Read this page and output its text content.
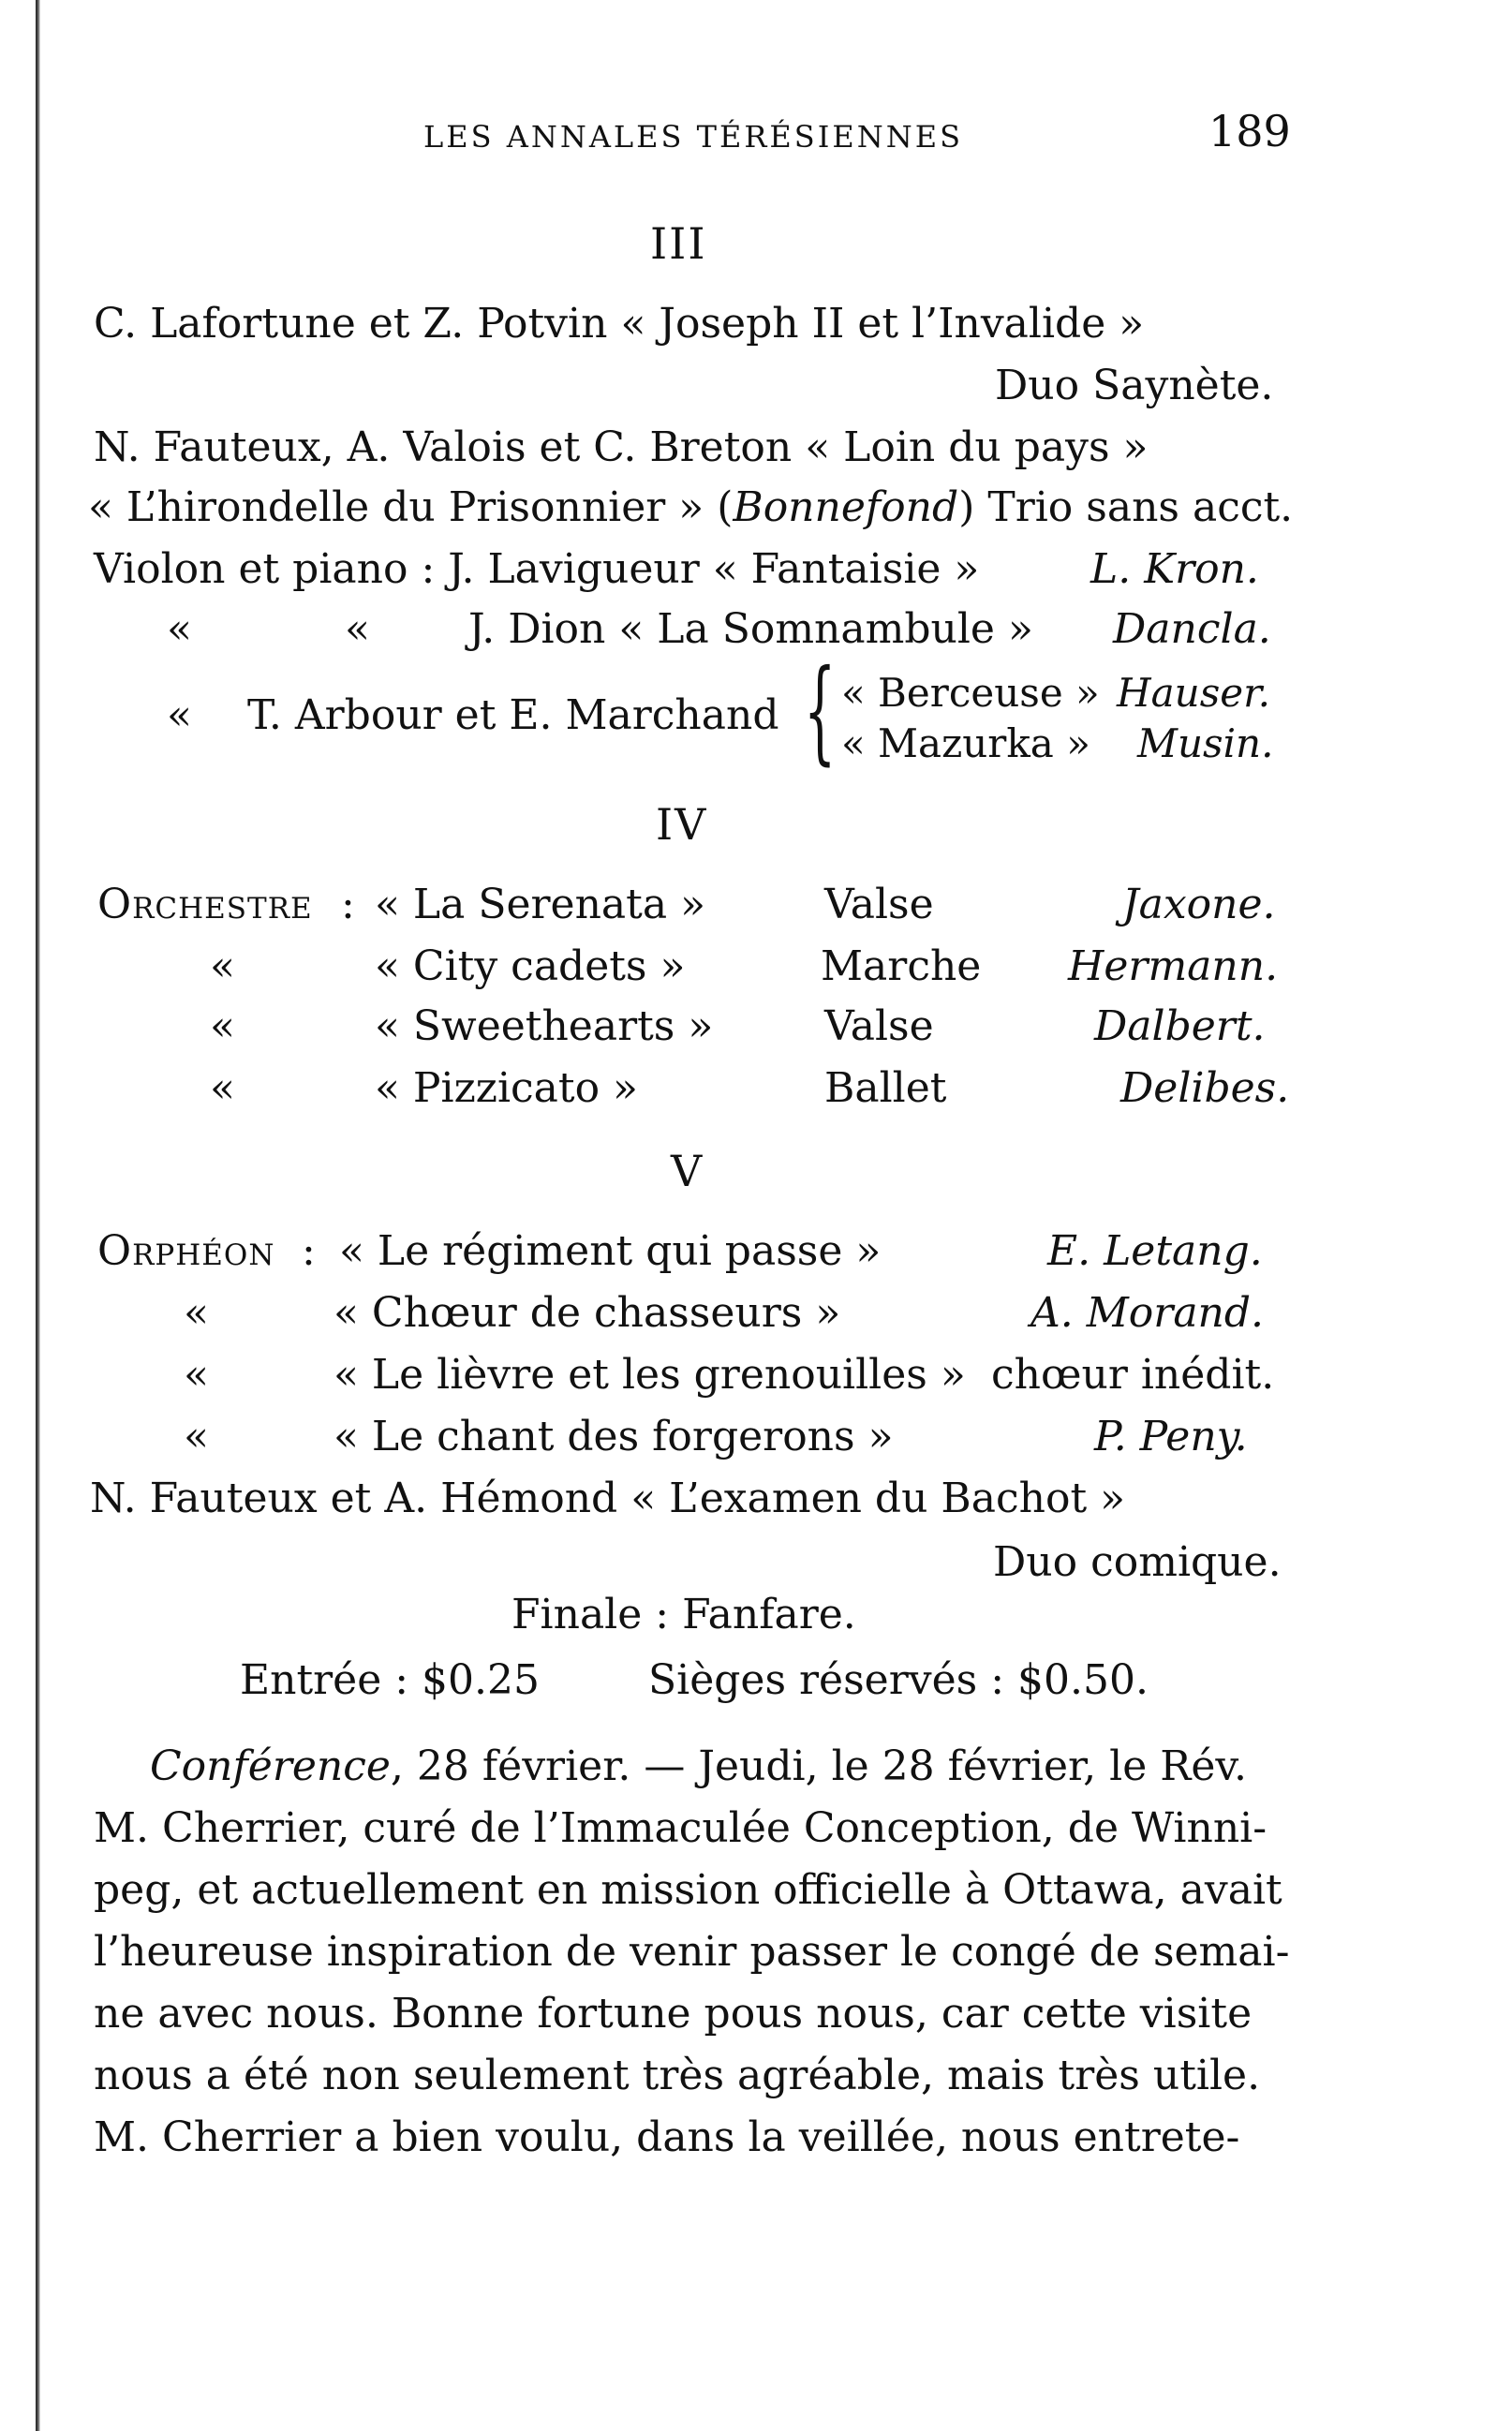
LES ANNALES TÉRÉSIENNES	189
III
C. Lafortune et Z. Potvin « Joseph II et l’Invalide »
Duo Saynète.
N. Fauteux, A. Valois et C. Breton « Loin du pays »
« L’hirondelle du Prisonnier » (Bonnefond) Trio sans acct.
Violon et piano : J. Lavigueur « Fantaisie »	L. Kron.
«	« J. Dion « La Somnambule » Dancla.
« T. Arbour et E. Marchand { « Berceuse » Hauser.
« Mazurka » Musin.
IV
Orchestre : « La Serenata »	Valse	Jaxone.
«	« City cadets »	Marche Hermann.
«	« Sweethearts »	Valse	Dalbert.
«	« Pizzicato »	Ballet	Delibes.
V
Orphéon : « Le régiment qui passe »	E. Letang.
«	« Chœur de chasseurs »	A. Morand.
«	« Le lièvre et les grenouilles » chœur inédit.
«	« Le chant des forgerons »	P. Peny.
N. Fauteux et A. Hémond « L’examen du Bachot »
Duo comique.
Finale : Fanfare.
Entrée : $0.25	Sièges réservés : $0.50.
Conférence, 28 février. — Jeudi, le 28 février, le Rév.
M. Cherrier, curé de l’Immaculée Conception, de Winni-
peg, et actuellement en mission officielle à Ottawa, avait
l’heureuse inspiration de venir passer le congé de semai-
ne avec nous. Bonne fortune pous nous, car cette visite
nous a été non seulement très agréable, mais très utile.
M. Cherrier a bien voulu, dans la veillée, nous entrete-
